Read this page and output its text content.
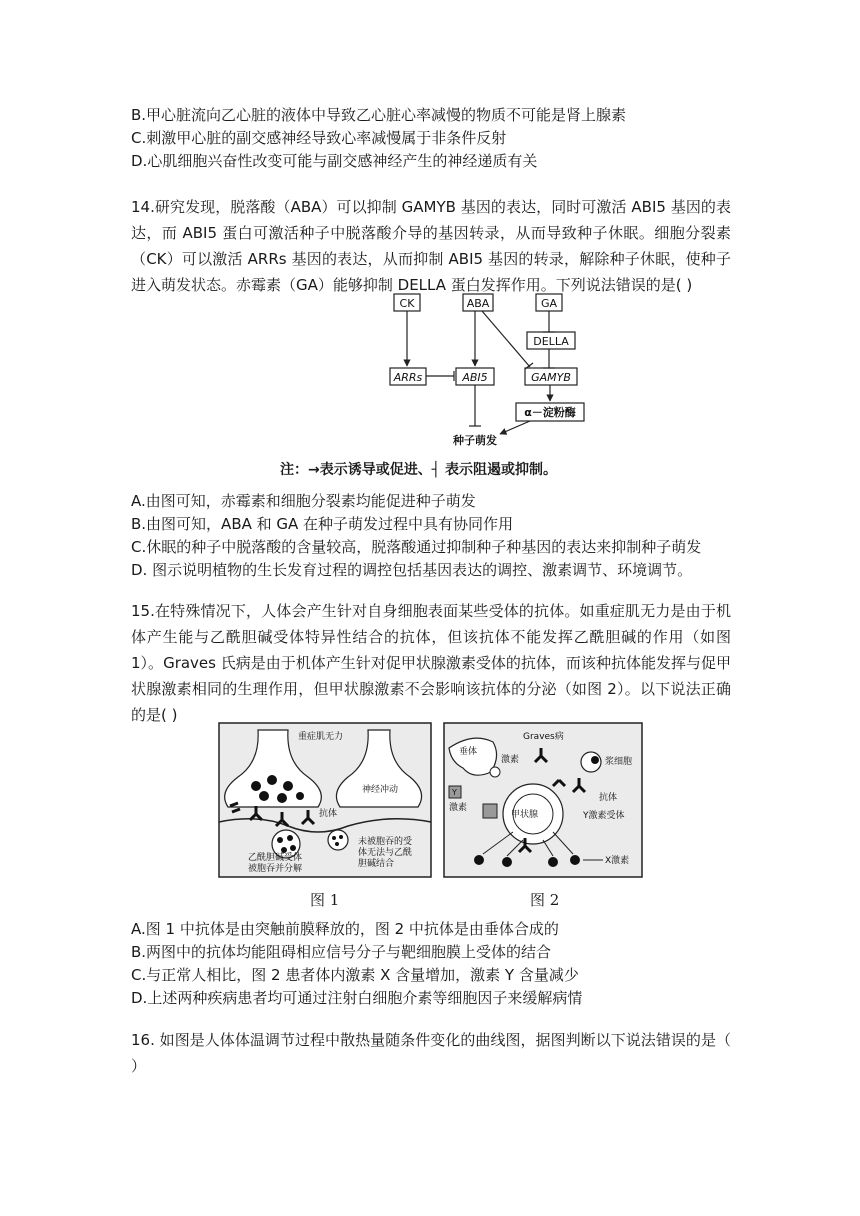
B.甲心脏流向乙心脏的液体中导致乙心脏心率减慢的物质不可能是肾上腺素
C.刺激甲心脏的副交感神经导致心率减慢属于非条件反射
D.心肌细胞兴奋性改变可能与副交感神经产生的神经递质有关
14.研究发现，脱落酸（ABA）可以抑制 GAMYB 基因的表达，同时可激活 ABI5 基因的表达，而 ABI5 蛋白可激活种子中脱落酸介导的基因转录，从而导致种子休眠。细胞分裂素（CK）可以激活 ARRs 基因的表达，从而抑制 ABI5 基因的转录，解除种子休眠，使种子进入萌发状态。赤霉素（GA）能够抑制 DELLA 蛋白发挥作用。下列说法错误的是( )
CK	ABA	GA
DELLA
ARRs	ABI5	GAMYB
α－淀粉酶
种子萌发
注：→表示诱导或促进、┤ 表示阻遏或抑制。
A.由图可知，赤霉素和细胞分裂素均能促进种子萌发
B.由图可知，ABA 和 GA 在种子萌发过程中具有协同作用
C.休眠的种子中脱落酸的含量较高，脱落酸通过抑制种子种基因的表达来抑制种子萌发
D. 图示说明植物的生长发育过程的调控包括基因表达的调控、激素调节、环境调节。
15.在特殊情况下，人体会产生针对自身细胞表面某些受体的抗体。如重症肌无力是由于机体产生能与乙酰胆碱受体特异性结合的抗体，但该抗体不能发挥乙酰胆碱的作用（如图 1）。Graves 氏病是由于机体产生针对促甲状腺激素受体的抗体，而该种抗体能发挥与促甲状腺激素相同的生理作用，但甲状腺激素不会影响该抗体的分泌（如图 2）。以下说法正确的是( )
神经冲动
重症肌无力
抗体
乙酰胆碱受体
被胞吞并分解
未被胞吞的受
体无法与乙酰
胆碱结合
图 1
Graves病
垂体
激素
Y
激素
浆细胞
抗体
甲状腺	Y激素受体
X激素
图 2
A.图 1 中抗体是由突触前膜释放的，图 2 中抗体是由垂体合成的
B.两图中的抗体均能阻碍相应信号分子与靶细胞膜上受体的结合
C.与正常人相比，图 2 患者体内激素 X 含量增加，激素 Y 含量减少
D.上述两种疾病患者均可通过注射白细胞介素等细胞因子来缓解病情
16. 如图是人体体温调节过程中散热量随条件变化的曲线图，据图判断以下说法错误的是（ ）
